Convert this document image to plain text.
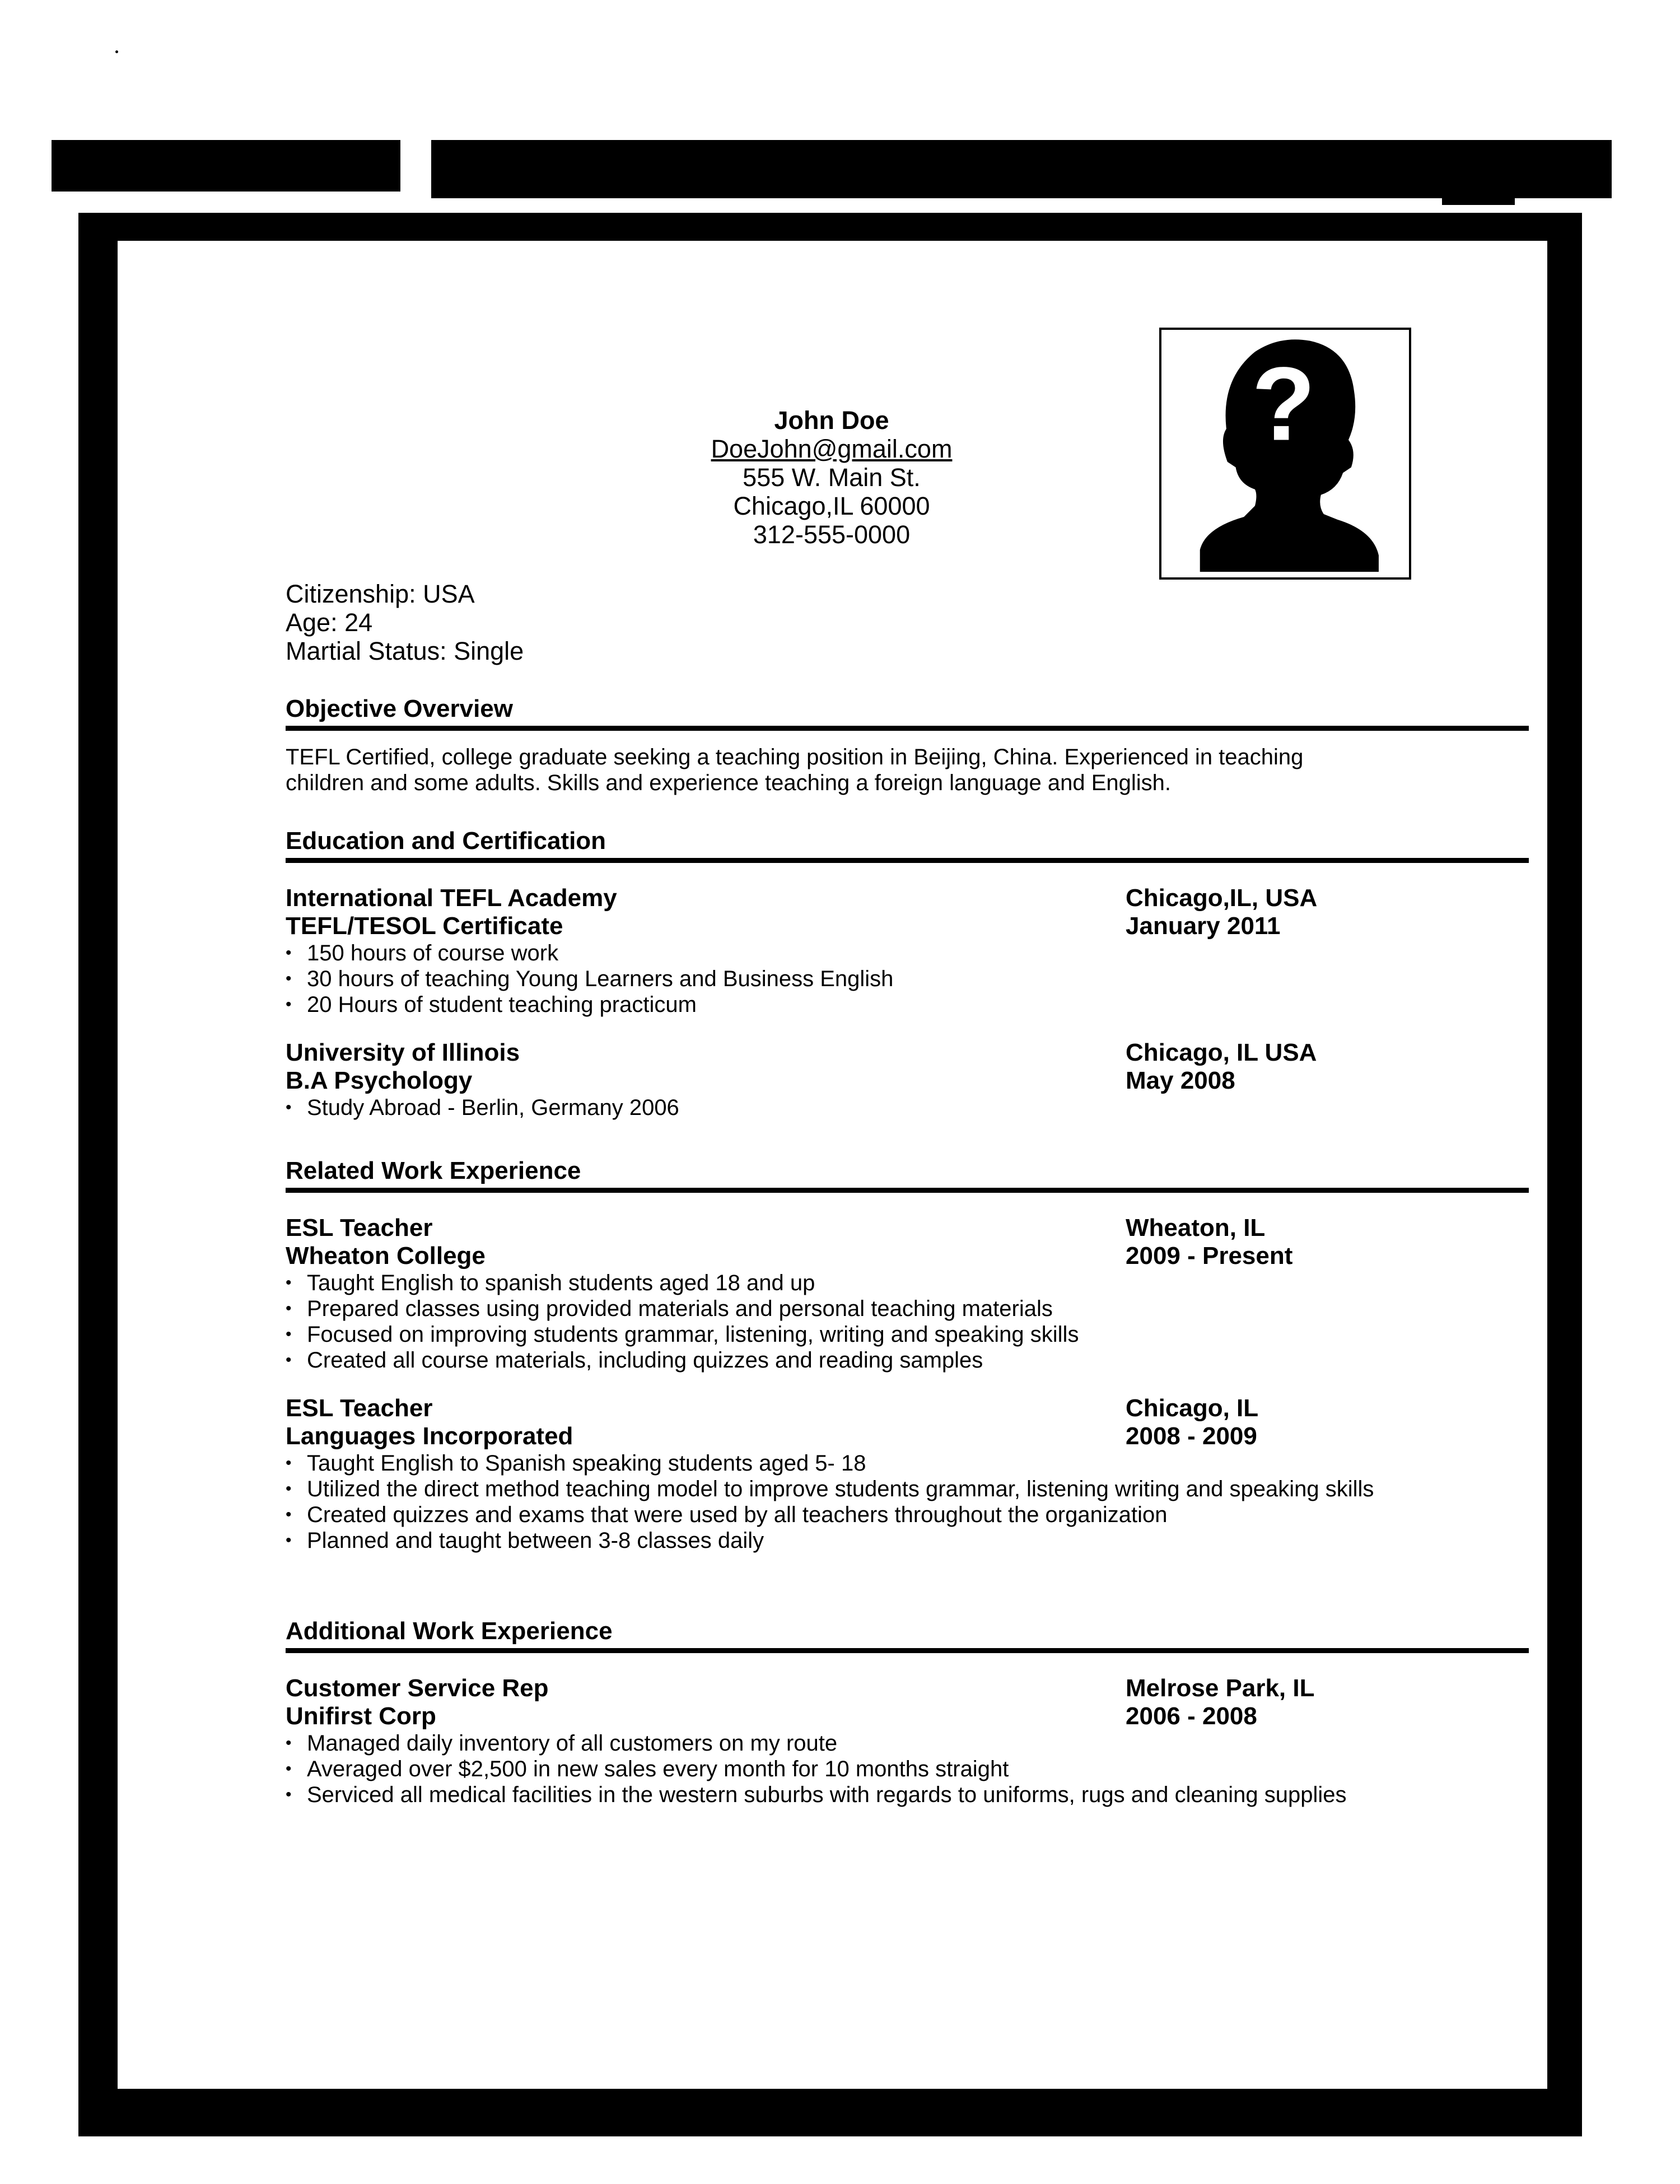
?
John Doe
DoeJohn@gmail.com
555 W. Main St.
Chicago,IL 60000
312-555-0000
Citizenship: USA
Age: 24
Martial Status: Single
Objective Overview
TEFL Certified, college graduate seeking a teaching position in Beijing, China. Experienced in teaching
children and some adults. Skills and experience teaching a foreign language and English.
Education and Certification
International TEFL Academy	Chicago,IL, USA
TEFL/TESOL Certificate	January 2011
• 150 hours of course work
• 30 hours of teaching Young Learners and Business English
• 20 Hours of student teaching practicum
University of Illinois	Chicago, IL USA
B.A Psychology	May 2008
• Study Abroad - Berlin, Germany 2006
Related Work Experience
ESL Teacher	Wheaton, IL
Wheaton College	2009 - Present
• Taught English to spanish students aged 18 and up
• Prepared classes using provided materials and personal teaching materials
• Focused on improving students grammar, listening, writing and speaking skills
• Created all course materials, including quizzes and reading samples
ESL Teacher	Chicago, IL
Languages Incorporated	2008 - 2009
• Taught English to Spanish speaking students aged 5- 18
• Utilized the direct method teaching model to improve students grammar, listening writing and speaking skills
• Created quizzes and exams that were used by all teachers throughout the organization
• Planned and taught between 3-8 classes daily
Additional Work Experience
Customer Service Rep	Melrose Park, IL
Unifirst Corp	2006 - 2008
• Managed daily inventory of all customers on my route
• Averaged over $2,500 in new sales every month for 10 months straight
• Serviced all medical facilities in the western suburbs with regards to uniforms, rugs and cleaning supplies
